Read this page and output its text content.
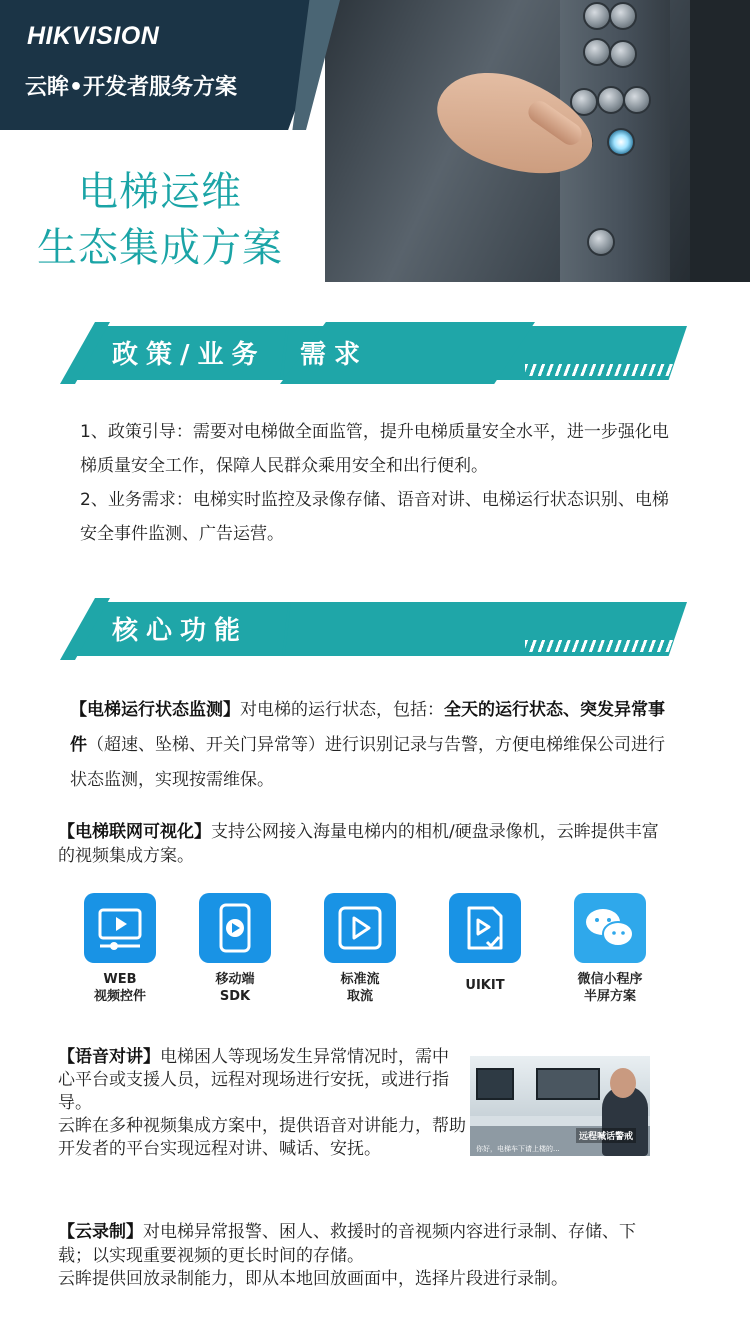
HIKVISION
云眸•开发者服务方案
电梯运维
生态集成方案
政策/业务 需求
1、政策引导：需要对电梯做全面监管，提升电梯质量安全水平，进一步强化电梯质量安全工作，保障人民群众乘用安全和出行便利。
2、业务需求：电梯实时监控及录像存储、语音对讲、电梯运行状态识别、电梯安全事件监测、广告运营。
核心功能
【电梯运行状态监测】对电梯的运行状态，包括：全天的运行状态、突发异常事件（超速、坠梯、开关门异常等）进行识别记录与告警，方便电梯维保公司进行状态监测，实现按需维保。
【电梯联网可视化】支持公网接入海量电梯内的相机/硬盘录像机，云眸提供丰富的视频集成方案。
WEB
视频控件
移动端
SDK
标准流
取流
UIKIT	微信小程序
半屏方案
【语音对讲】电梯困人等现场发生异常情况时，需中心平台或支援人员，远程对现场进行安抚，或进行指导。
云眸在多种视频集成方案中，提供语音对讲能力，帮助开发者的平台实现远程对讲、喊话、安抚。
远程喊话警戒
你好，电梯车下请上楼的...
【云录制】对电梯异常报警、困人、救援时的音视频内容进行录制、存储、下载；以实现重要视频的更长时间的存储。
云眸提供回放录制能力，即从本地回放画面中，选择片段进行录制。
